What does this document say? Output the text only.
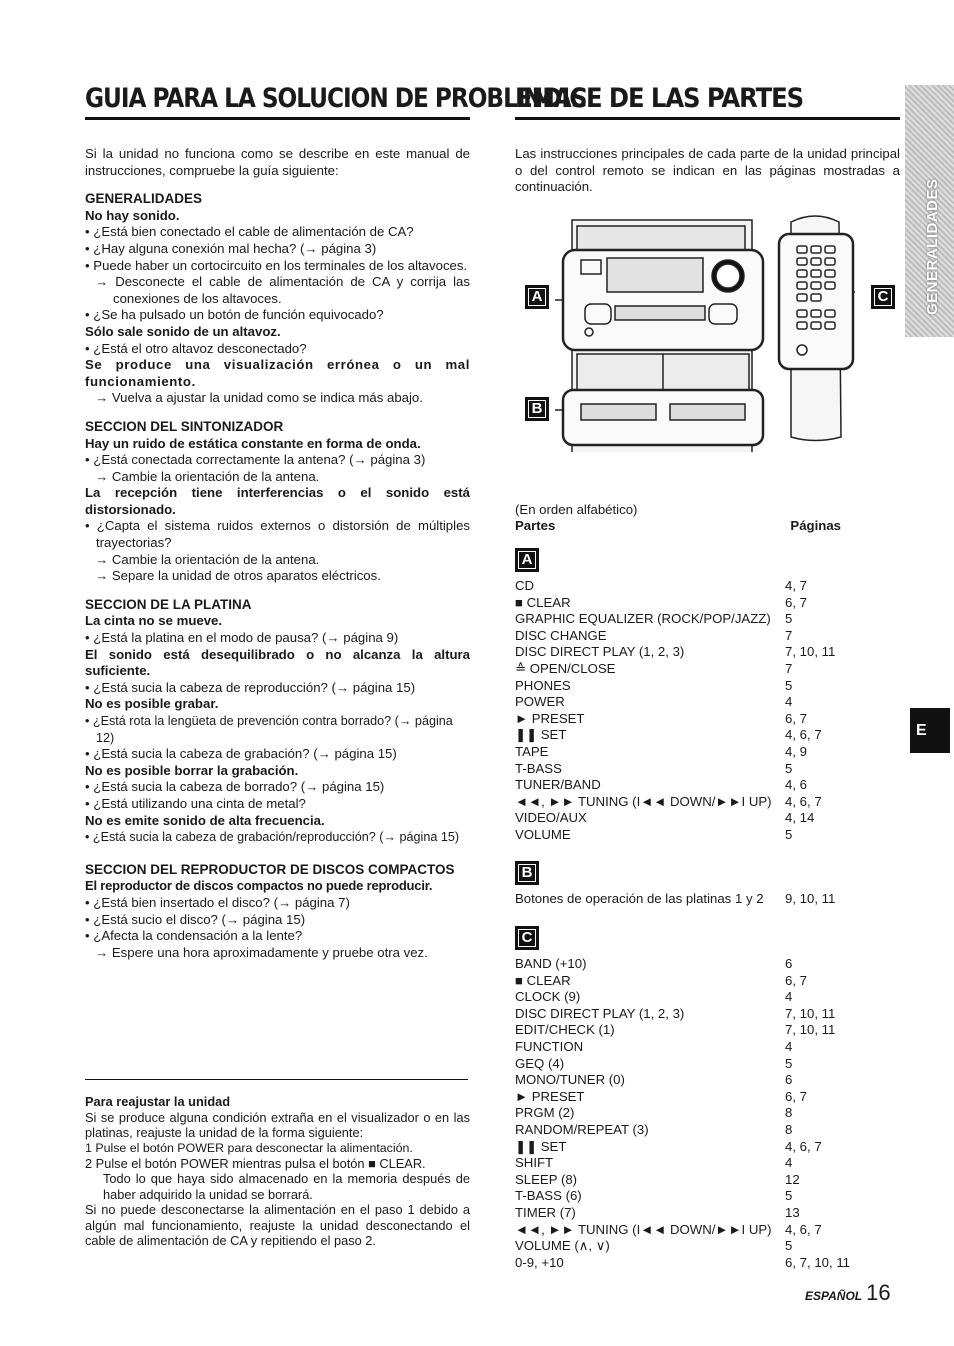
GUIA PARA LA SOLUCION DE PROBLEMAS

Si la unidad no funciona como se describe en este manual de instrucciones, compruebe la guía siguiente:

GENERALIDADES

No hay sonido.

• ¿Está bien conectado el cable de alimentación de CA?

• ¿Hay alguna conexión mal hecha? (→ página 3)

• Puede haber un cortocircuito en los terminales de los altavoces.

→ Desconecte el cable de alimentación de CA y corrija las conexiones de los altavoces.

• ¿Se ha pulsado un botón de función equivocado?

Sólo sale sonido de un altavoz.

• ¿Está el otro altavoz desconectado?

Se produce una visualización errónea o un mal funcionamiento.

→ Vuelva a ajustar la unidad como se indica más abajo.

SECCION DEL SINTONIZADOR

Hay un ruido de estática constante en forma de onda.

• ¿Está conectada correctamente la antena? (→ página 3)

→ Cambie la orientación de la antena.

La recepción tiene interferencias o el sonido está distorsionado.

• ¿Capta el sistema ruidos externos o distorsión de múltiples trayectorias?

→ Cambie la orientación de la antena.

→ Separe la unidad de otros aparatos eléctricos.

SECCION DE LA PLATINA

La cinta no se mueve.

• ¿Está la platina en el modo de pausa? (→ página 9)

El sonido está desequilibrado o no alcanza la altura suficiente.

• ¿Está sucia la cabeza de reproducción? (→ página 15)

No es posible grabar.

• ¿Está rota la lengüeta de prevención contra borrado? (→ página 12)

• ¿Está sucia la cabeza de grabación? (→ página 15)

No es posible borrar la grabación.

• ¿Está sucia la cabeza de borrado? (→ página 15)

• ¿Está utilizando una cinta de metal?

No es emite sonido de alta frecuencia.

• ¿Está sucia la cabeza de grabación/reproducción? (→ página 15)

SECCION DEL REPRODUCTOR DE DISCOS COMPACTOS

El reproductor de discos compactos no puede reproducir.

• ¿Está bien insertado el disco? (→ página 7)

• ¿Está sucio el disco? (→ página 15)

• ¿Afecta la condensación a la lente?

→ Espere una hora aproximadamente y pruebe otra vez.

Para reajustar la unidad

Si se produce alguna condición extraña en el visualizador o en las platinas, reajuste la unidad de la forma siguiente:

1 Pulse el botón POWER para desconectar la alimentación.

2 Pulse el botón POWER mientras pulsa el botón ■ CLEAR.

Todo lo que haya sido almacenado en la memoria después de haber adquirido la unidad se borrará.

Si no puede desconectarse la alimentación en el paso 1 debido a algún mal funcionamiento, reajuste la unidad desconectando el cable de alimentación de CA y repitiendo el paso 2.

INDICE DE LAS PARTES

Las instrucciones principales de cada parte de la unidad principal o del control remoto se indican en las páginas mostradas a continuación.

A
B
C

(En orden alfabético)

Partes	Páginas
A
CD	4, 7
■ CLEAR	6, 7
GRAPHIC EQUALIZER (ROCK/POP/JAZZ)	5
DISC CHANGE	7
DISC DIRECT PLAY (1, 2, 3)	7, 10, 11
≙ OPEN/CLOSE	7
PHONES	5
POWER	4
► PRESET	6, 7
❚❚ SET	4, 6, 7
TAPE	4, 9
T-BASS	5
TUNER/BAND	4, 6
◄◄, ►► TUNING (I◄◄ DOWN/►►I UP)	4, 6, 7
VIDEO/AUX	4, 14
VOLUME	5
B
Botones de operación de las platinas 1 y 2	9, 10, 11
C
BAND (+10)	6
■ CLEAR	6, 7
CLOCK (9)	4
DISC DIRECT PLAY (1, 2, 3)	7, 10, 11
EDIT/CHECK (1)	7, 10, 11
FUNCTION	4
GEQ (4)	5
MONO/TUNER (0)	6
► PRESET	6, 7
PRGM (2)	8
RANDOM/REPEAT (3)	8
❚❚ SET	4, 6, 7
SHIFT	4
SLEEP (8)	12
T-BASS (6)	5
TIMER (7)	13
◄◄, ►► TUNING (I◄◄ DOWN/►►I UP)	4, 6, 7
VOLUME (∧, ∨)	5
0-9, +10	6, 7, 10, 11
GENERALIDADES
E
ESPAÑOL 16
